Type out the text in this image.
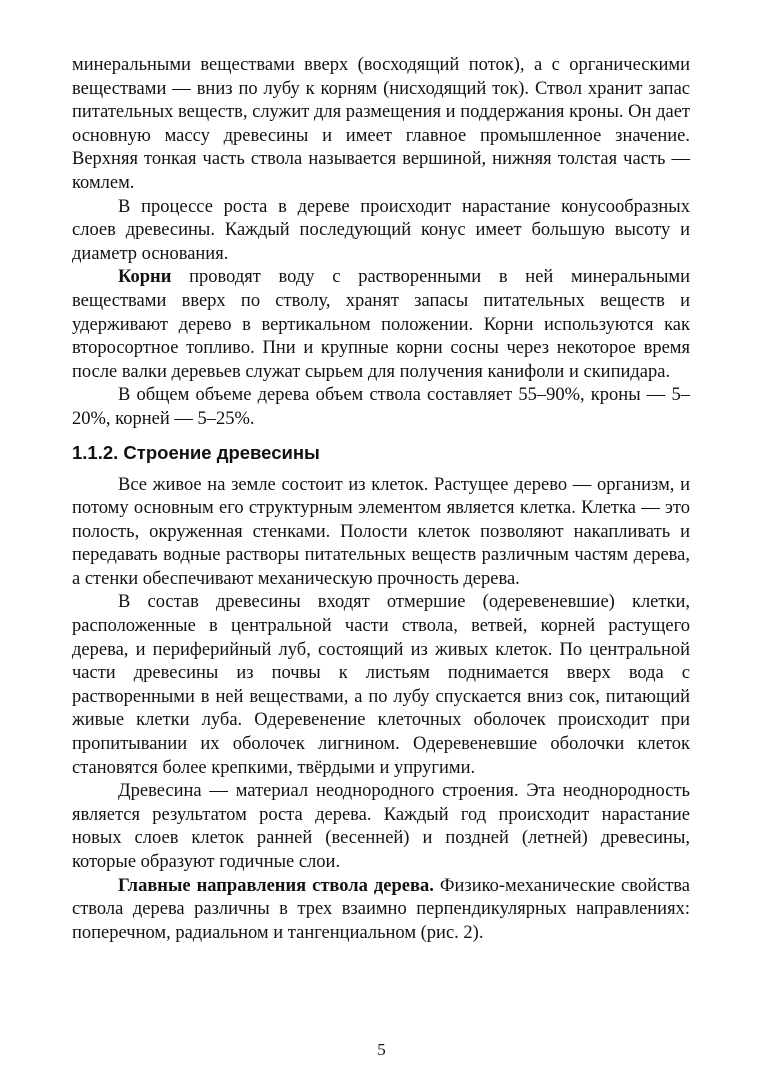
минеральными веществами вверх (восходящий поток), а с органическими веществами — вниз по лубу к корням (нисходящий ток). Ствол хранит запас питательных веществ, служит для размещения и поддержания кроны. Он дает основную массу древесины и имеет главное промышленное значение. Верхняя тонкая часть ствола называется вершиной, нижняя толстая часть — комлем.

В процессе роста в дереве происходит нарастание конусообразных слоев древесины. Каждый последующий конус имеет большую высоту и диаметр основания.

Корни проводят воду с растворенными в ней минеральными веществами вверх по стволу, хранят запасы питательных веществ и удерживают дерево в вертикальном положении. Корни используются как второсортное топливо. Пни и крупные корни сосны через некоторое время после валки деревьев служат сырьем для получения канифоли и скипидара.

В общем объеме дерева объем ствола составляет 55–90%, кроны — 5–20%, корней — 5–25%.

1.1.2. Строение древесины

Все живое на земле состоит из клеток. Растущее дерево — организм, и потому основным его структурным элементом является клетка. Клетка — это полость, окруженная стенками. Полости клеток позволяют накапливать и передавать водные растворы питательных веществ различным частям дерева, а стенки обеспечивают механическую прочность дерева.

В состав древесины входят отмершие (одеревеневшие) клетки, расположенные в центральной части ствола, ветвей, корней растущего дерева, и периферийный луб, состоящий из живых клеток. По центральной части древесины из почвы к листьям поднимается вверх вода с растворенными в ней веществами, а по лубу спускается вниз сок, питающий живые клетки луба. Одеревенение клеточных оболочек происходит при пропитывании их оболочек лигнином. Одеревеневшие оболочки клеток становятся более крепкими, твёрдыми и упругими.

Древесина — материал неоднородного строения. Эта неоднородность является результатом роста дерева. Каждый год происходит нарастание новых слоев клеток ранней (весенней) и поздней (летней) древесины, которые образуют годичные слои.

Главные направления ствола дерева. Физико-механические свойства ствола дерева различны в трех взаимно перпендикулярных направлениях: поперечном, радиальном и тангенциальном (рис. 2).

5
